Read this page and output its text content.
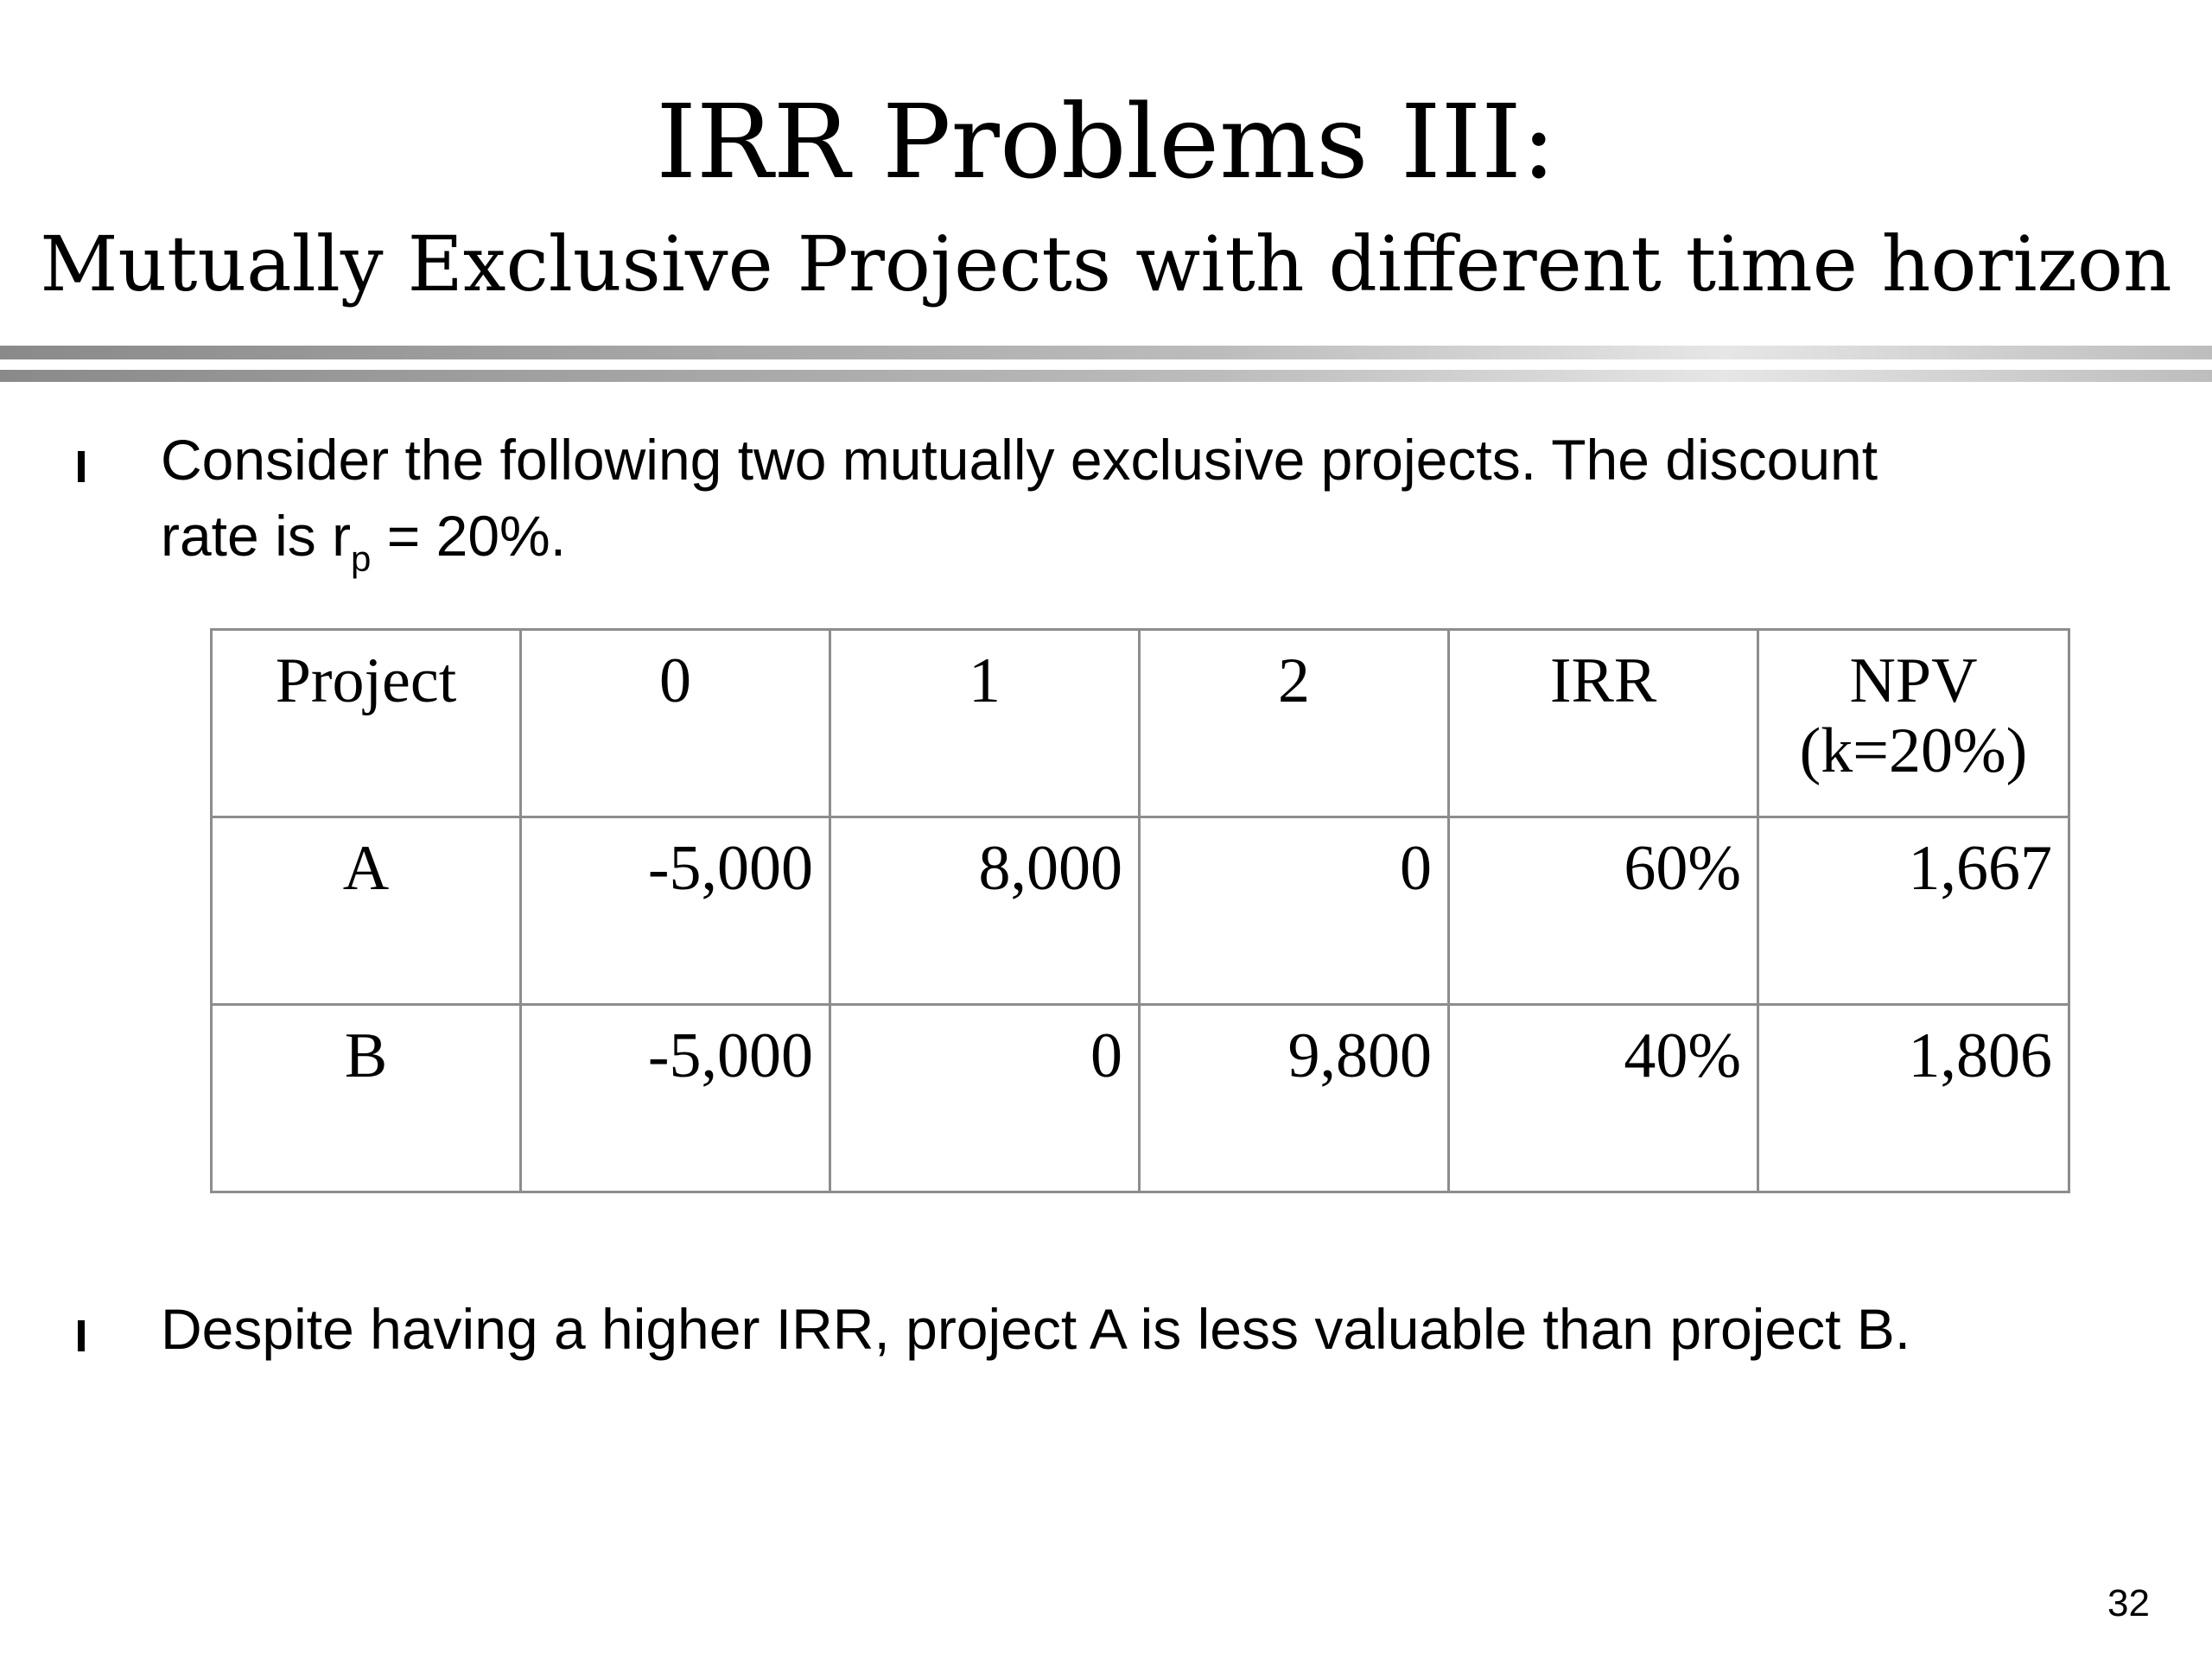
IRR Problems III:
Mutually Exclusive Projects with different time horizon
Consider the following two mutually exclusive projects. The discount
rate is $r_p = 20\%$.
Project	0	1	2	IRR	NPV
(k=20%)
A	-5,000	8,000	0	60%	1,667
B	-5,000	0	9,800	40%	1,806
Despite having a higher IRR, project A is less valuable than project B.
32
